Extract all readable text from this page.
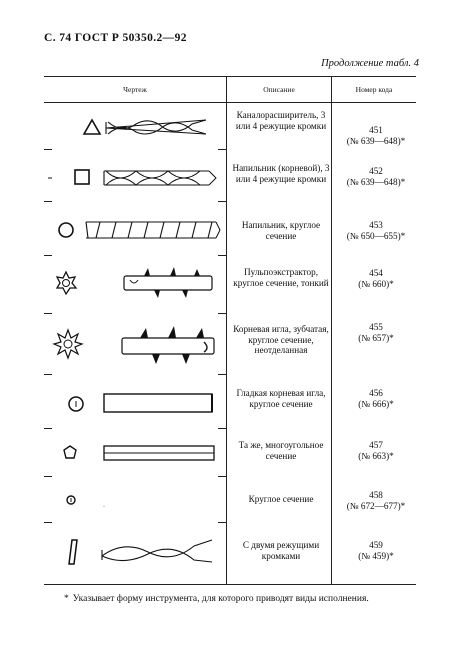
С. 74 ГОСТ Р 50350.2—92
Продолжение табл. 4
Чертеж	Описание	Номер кода
Каналорасширитель, 3 или 4 режущие кромки
Напильник (корневой), 3 или 4 режущие кромки
Напильник, круглое сечение
Пульпоэкстрактор, круглое сечение, тонкий
Корневая игла, зубчатая, круглое сечение, неотделанная
Гладкая корневая игла, круглое сечение
Та же, многоугольное сечение
Круглое сечение
С двумя режущими кромками
451
(№ 639—648)*
452
(№ 639—648)*
453
(№ 650—655)*
454
(№ 660)*
455
(№ 657)*
456
(№ 666)*
457
(№ 663)*
458
(№ 672—677)*
459
(№ 459)*
* Указывает форму инструмента, для которого приводят виды исполнения.
